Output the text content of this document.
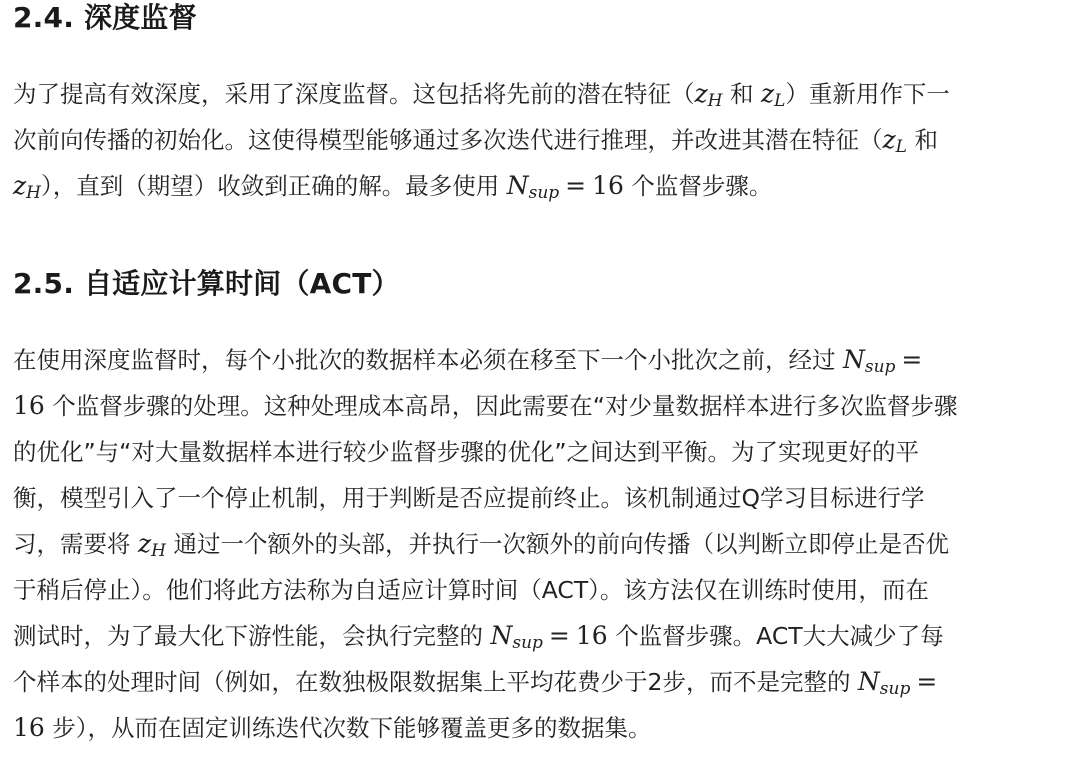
2.4. 深度监督

为了提高有效深度，采用了深度监督。这包括将先前的潜在特征（$z_H$ 和 $z_L$）重新用作下一
次前向传播的初始化。这使得模型能够通过多次迭代进行推理，并改进其潜在特征（$z_L$ 和
$z_H$），直到（期望）收敛到正确的解。最多使用 $N_{sup} = 16$ 个监督步骤。

2.5. 自适应计算时间（ACT）

在使用深度监督时，每个小批次的数据样本必须在移至下一个小批次之前，经过 $N_{sup}$ =
16 个监督步骤的处理。这种处理成本高昂，因此需要在“对少量数据样本进行多次监督步骤
的优化”与“对大量数据样本进行较少监督步骤的优化”之间达到平衡。为了实现更好的平
衡，模型引入了一个停止机制，用于判断是否应提前终止。该机制通过Q学习目标进行学
习，需要将 $z_H$ 通过一个额外的头部，并执行一次额外的前向传播（以判断立即停止是否优
于稍后停止）。他们将此方法称为自适应计算时间（ACT）。该方法仅在训练时使用，而在
测试时，为了最大化下游性能，会执行完整的 $N_{sup} = 16$ 个监督步骤。ACT大大减少了每
个样本的处理时间（例如，在数独极限数据集上平均花费少于2步，而不是完整的 $N_{sup}$ =
16 步），从而在固定训练迭代次数下能够覆盖更多的数据集。
